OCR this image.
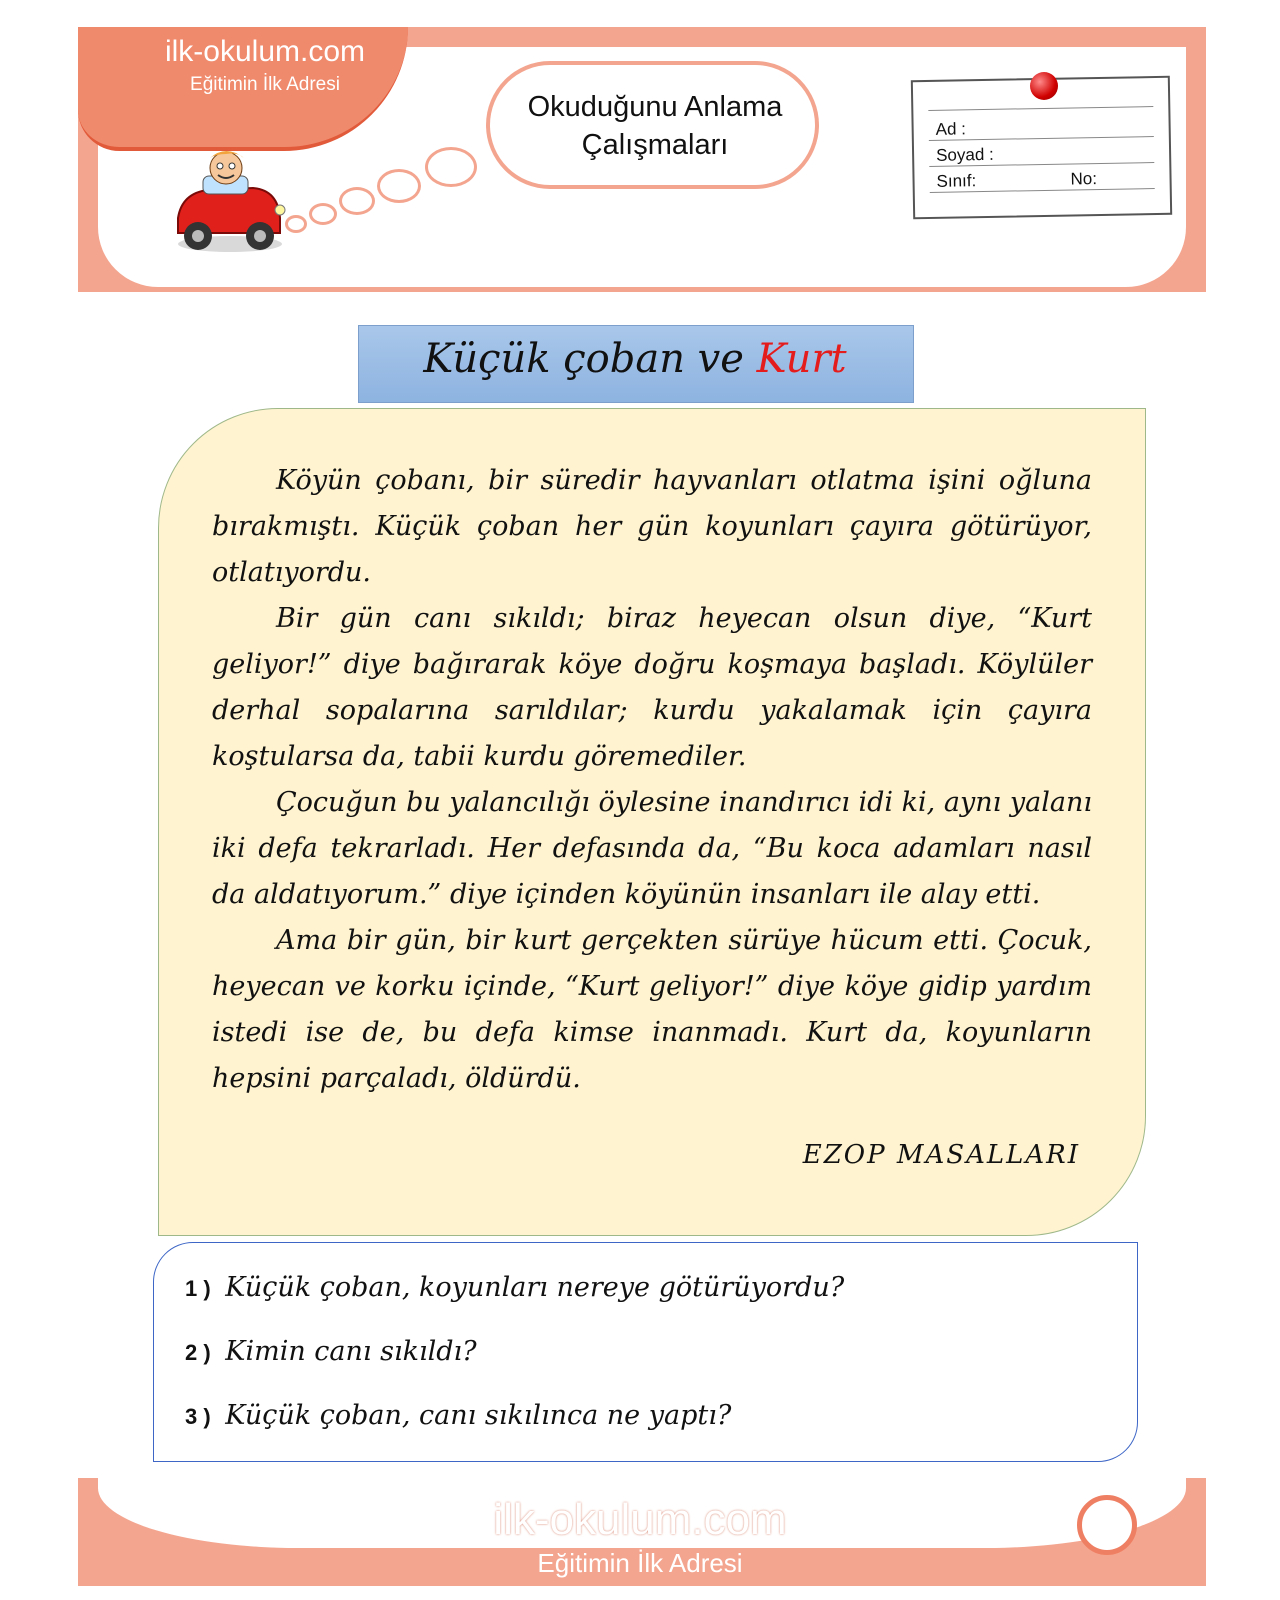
ilk-okulum.com
Eğitimin İlk Adresi
Okuduğunu Anlama
Çalışmaları	Ad :
Soyad :
Sınıf:	No:
Küçük çoban ve Kurt

Köyün çobanı, bir süredir hayvanları otlatma işini oğluna bırakmıştı. Küçük çoban her gün koyunları çayıra götürüyor, otlatıyordu.

Bir gün canı sıkıldı; biraz heyecan olsun diye, “Kurt geliyor!” diye bağırarak köye doğru koşmaya başladı. Köylüler derhal sopalarına sarıldılar; kurdu yakalamak için çayıra koştularsa da, tabii kurdu göremediler.

Çocuğun bu yalancılığı öylesine inandırıcı idi ki, aynı yalanı iki defa tekrarladı. Her defasında da, “Bu koca adamları nasıl da aldatıyorum.” diye içinden köyünün insanları ile alay etti.

Ama bir gün, bir kurt gerçekten sürüye hücum etti. Çocuk, heyecan ve korku içinde, “Kurt geliyor!” diye köye gidip yardım istedi ise de, bu defa kimse inanmadı. Kurt da, koyunların hepsini parçaladı, öldürdü.

EZOP MASALLARI
1 ) Küçük çoban, koyunları nereye götürüyordu?
2 ) Kimin canı sıkıldı?
3 ) Küçük çoban, canı sıkılınca ne yaptı?
ilk-okulum.com
Eğitimin İlk Adresi
